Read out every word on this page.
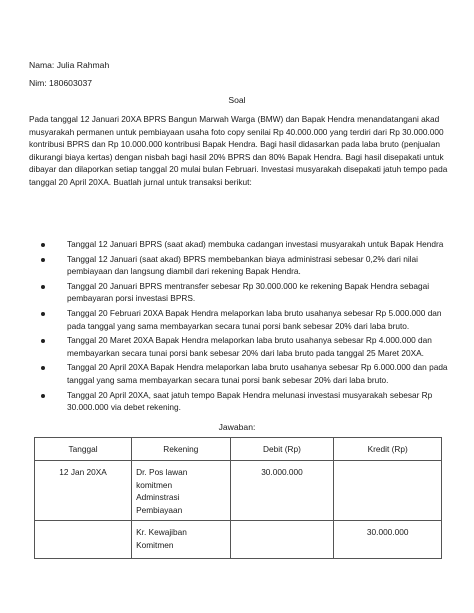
Nama: Julia Rahmah
Nim: 180603037
Soal

Pada tanggal 12 Januari 20XA BPRS Bangun Marwah Warga (BMW) dan Bapak Hendra menandatangani akad musyarakah permanen untuk pembiayaan usaha foto copy senilai Rp 40.000.000 yang terdiri dari Rp 30.000.000 kontribusi BPRS dan Rp 10.000.000 kontribusi Bapak Hendra. Bagi hasil didasarkan pada laba bruto (penjualan dikurangi biaya kertas) dengan nisbah bagi hasil 20% BPRS dan 80% Bapak Hendra. Bagi hasil disepakati untuk dibayar dan dilaporkan setiap tanggal 20 mulai bulan Februari. Investasi musyarakah disepakati jatuh tempo pada tanggal 20 April 20XA. Buatlah jurnal untuk transaksi berikut:

Tanggal 12 Januari BPRS (saat akad) membuka cadangan investasi musyarakah untuk Bapak Hendra
Tanggal 12 Januari (saat akad) BPRS membebankan biaya administrasi sebesar 0,2% dari nilai pembiayaan dan langsung diambil dari rekening Bapak Hendra.
Tanggal 20 Januari BPRS mentransfer sebesar Rp 30.000.000 ke rekening Bapak Hendra sebagai pembayaran porsi investasi BPRS.
Tanggal 20 Februari 20XA Bapak Hendra melaporkan laba bruto usahanya sebesar Rp 5.000.000 dan pada tanggal yang sama membayarkan secara tunai porsi bank sebesar 20% dari laba bruto.
Tanggal 20 Maret 20XA Bapak Hendra melaporkan laba bruto usahanya sebesar Rp 4.000.000 dan membayarkan secara tunai porsi bank sebesar 20% dari laba bruto pada tanggal 25 Maret 20XA.
Tanggal 20 April 20XA Bapak Hendra melaporkan laba bruto usahanya sebesar Rp 6.000.000 dan pada tanggal yang sama membayarkan secara tunai porsi bank sebesar 20% dari laba bruto.
Tanggal 20 April 20XA, saat jatuh tempo Bapak Hendra melunasi investasi musyarakah sebesar Rp 30.000.000 via debet rekening.
Jawaban:
Tanggal	Rekening	Debit (Rp)	Kredit (Rp)
12 Jan 20XA	Dr. Pos lawan komitmen
Adminstrasi
Pembiayaan	30.000.000	

	Kr. Kewajiban
Komitmen		30.000.000
